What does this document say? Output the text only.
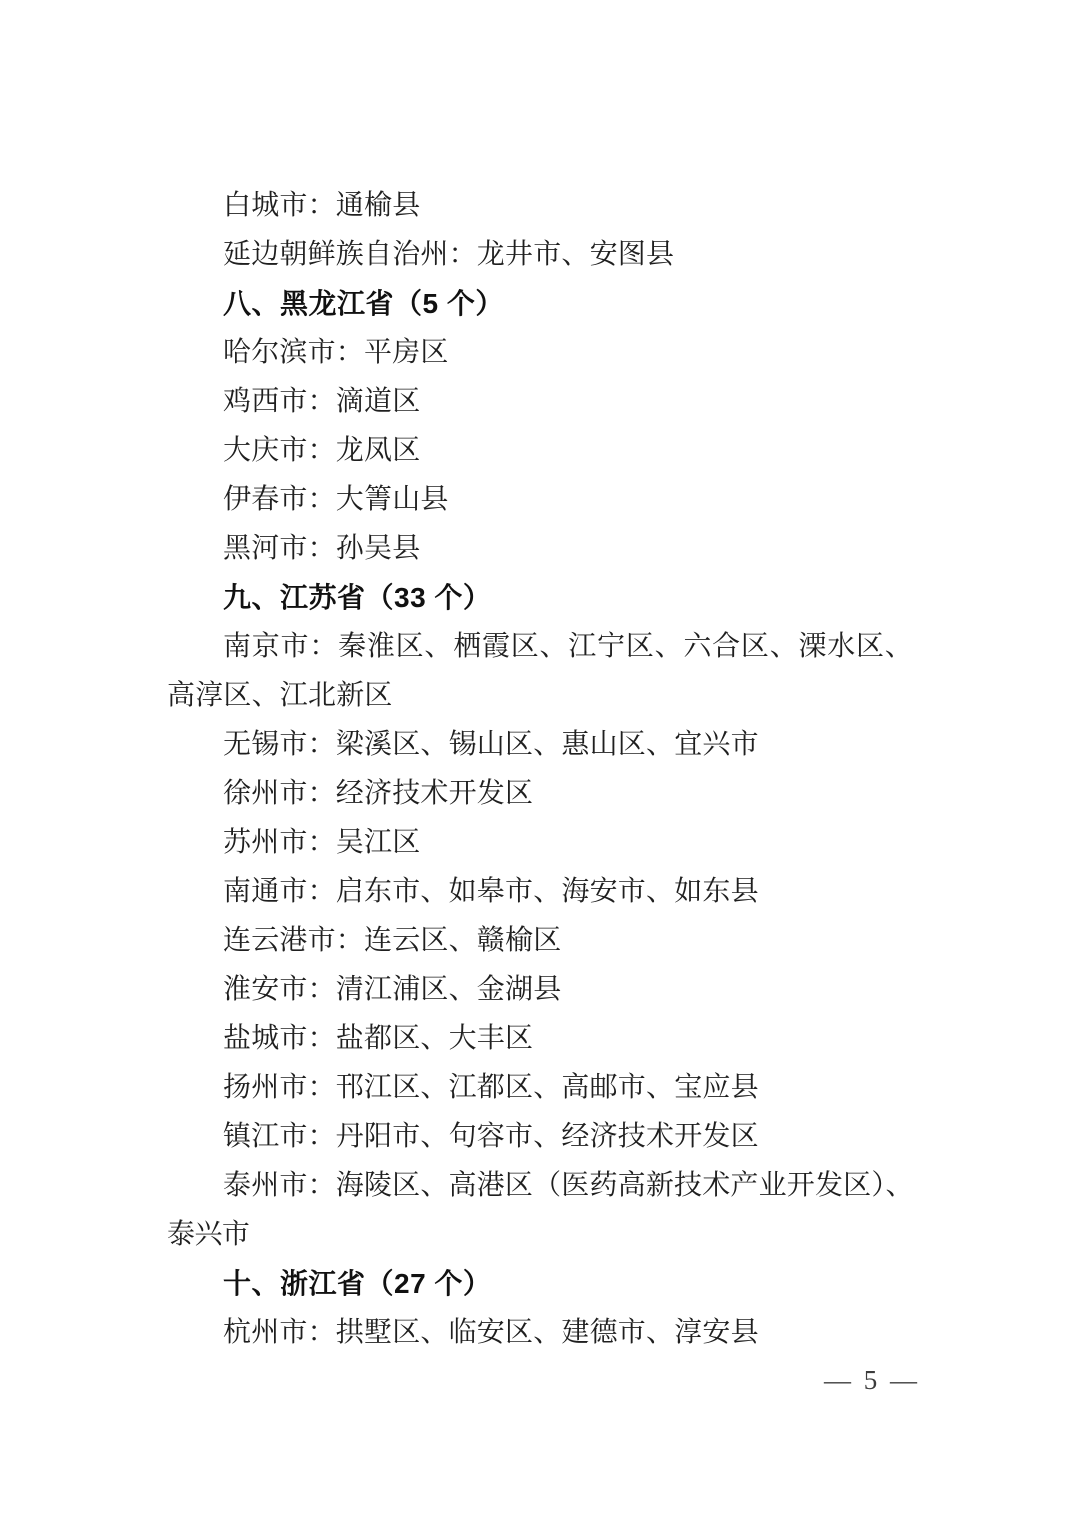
白城市：通榆县

延边朝鲜族自治州：龙井市、安图县

八、黑龙江省（5 个）

哈尔滨市：平房区

鸡西市：滴道区

大庆市：龙凤区

伊春市：大箐山县

黑河市：孙吴县

九、江苏省（33 个）

南京市：秦淮区、栖霞区、江宁区、六合区、溧水区、高淳区、江北新区

无锡市：梁溪区、锡山区、惠山区、宜兴市

徐州市：经济技术开发区

苏州市：吴江区

南通市：启东市、如皋市、海安市、如东县

连云港市：连云区、赣榆区

淮安市：清江浦区、金湖县

盐城市：盐都区、大丰区

扬州市：邗江区、江都区、高邮市、宝应县

镇江市：丹阳市、句容市、经济技术开发区

泰州市：海陵区、高港区（医药高新技术产业开发区）、泰兴市

十、浙江省（27 个）

杭州市：拱墅区、临安区、建德市、淳安县

— 5 —
